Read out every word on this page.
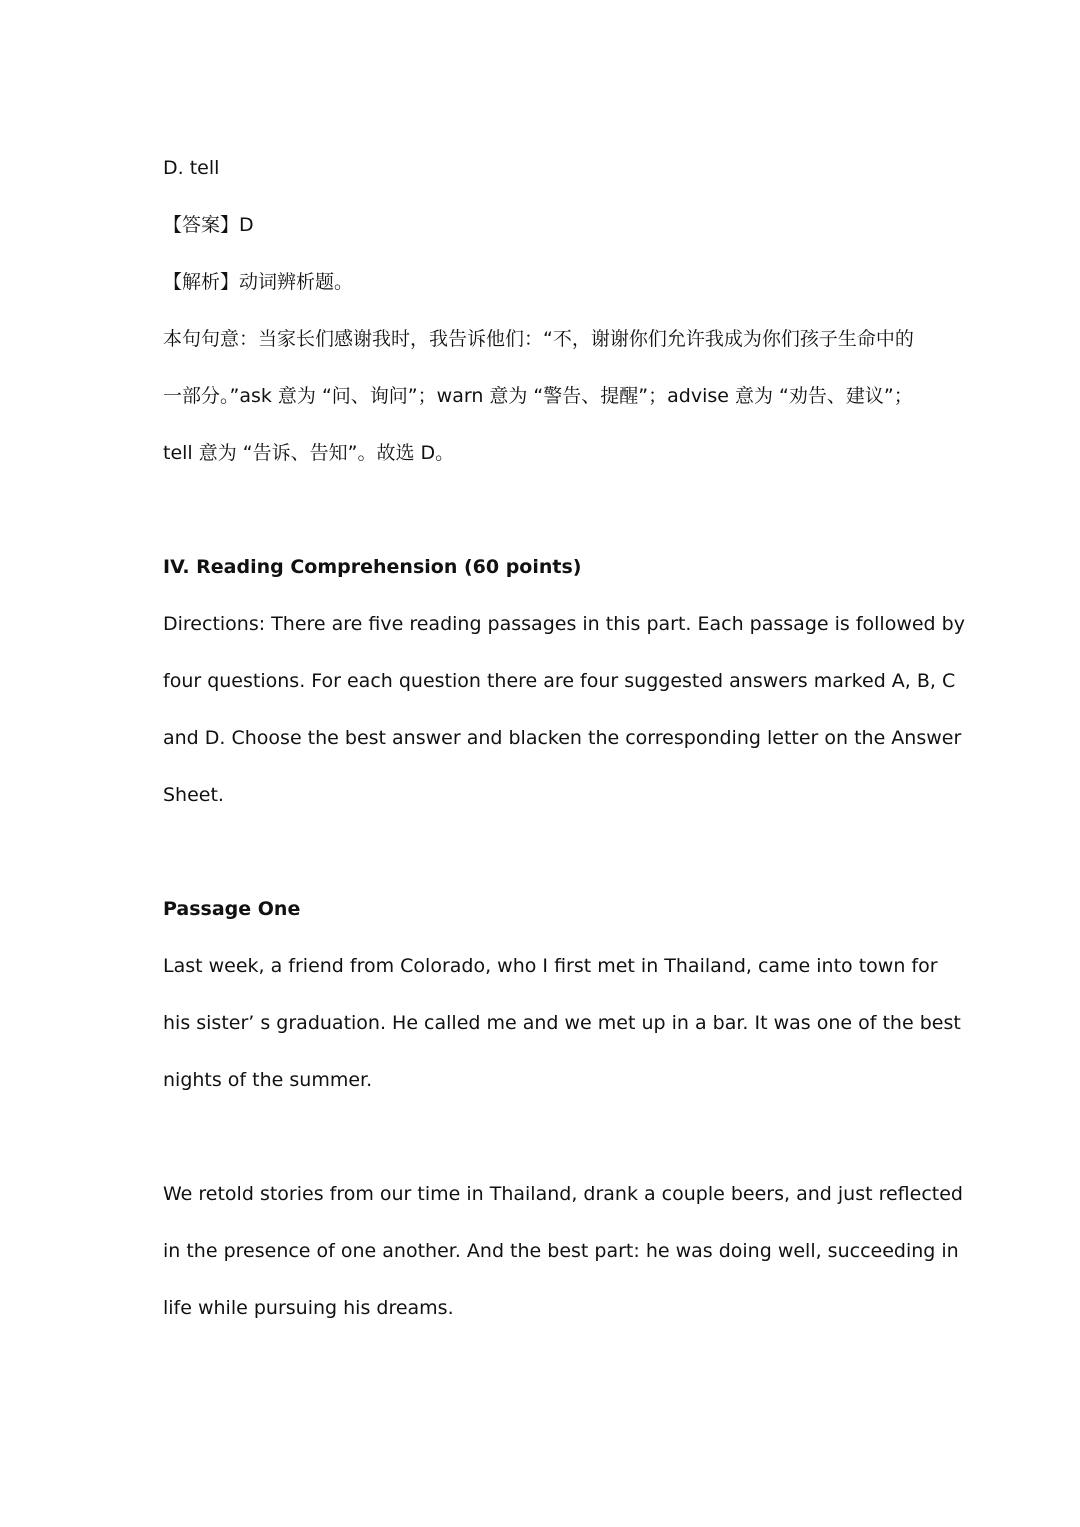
D. tell
【答案】D
【解析】动词辨析题。
本句句意：当家长们感谢我时，我告诉他们：“不，谢谢你们允许我成为你们孩子生命中的
一部分。”ask 意为 “问、询问”；warn 意为 “警告、提醒”；advise 意为 “劝告、建议”；
tell 意为 “告诉、告知”。故选 D。
IV. Reading Comprehension (60 points)
Directions: There are five reading passages in this part. Each passage is followed by
four questions. For each question there are four suggested answers marked A, B, C
and D. Choose the best answer and blacken the corresponding letter on the Answer
Sheet.
Passage One
Last week, a friend from Colorado, who I first met in Thailand, came into town for
his sister’ s graduation. He called me and we met up in a bar. It was one of the best
nights of the summer.
We retold stories from our time in Thailand, drank a couple beers, and just reflected
in the presence of one another. And the best part: he was doing well, succeeding in
life while pursuing his dreams.
